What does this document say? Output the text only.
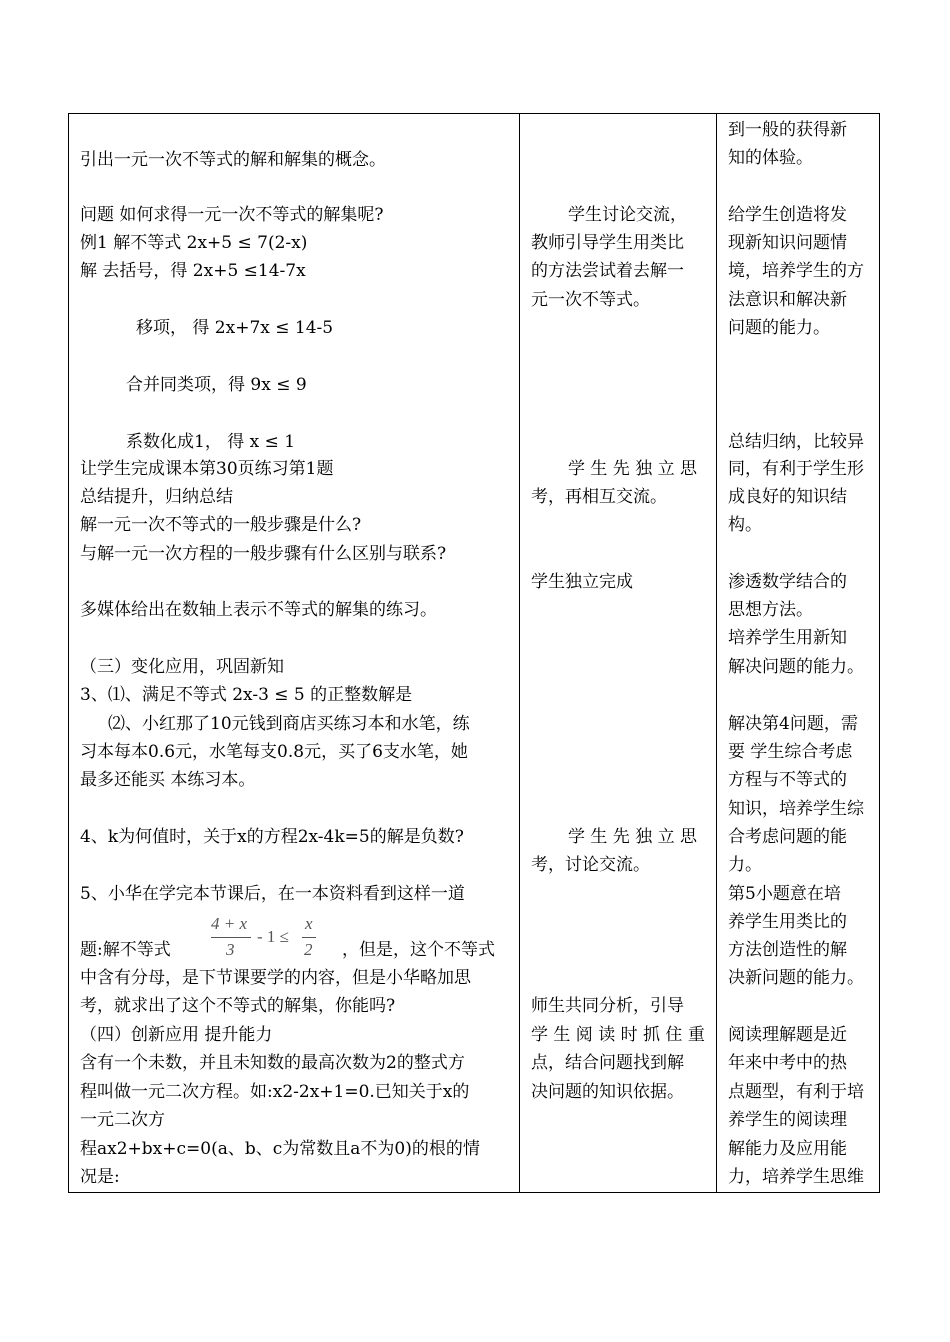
引出一元一次不等式的解和解集的概念。
问题 如何求得一元一次不等式的解集呢?
例1 解不等式 2x+5 ≤ 7(2-x)
解 去括号，得 2x+5 ≤14-7x
移项， 得 2x+7x ≤ 14-5
合并同类项，得 9x ≤ 9
系数化成1， 得 x ≤ 1
让学生完成课本第30页练习第1题
总结提升，归纳总结
解一元一次不等式的一般步骤是什么?
与解一元一次方程的一般步骤有什么区别与联系?
多媒体给出在数轴上表示不等式的解集的练习。
（三）变化应用，巩固新知
3、⑴、满足不等式 2x-3 ≤ 5 的正整数解是
⑵、小红那了10元钱到商店买练习本和水笔，练
习本每本0.6元，水笔每支0.8元，买了6支水笔，她
最多还能买 本练习本。
4、k为何值时，关于x的方程2x-4k=5的解是负数?
5、小华在学完本节课后，在一本资料看到这样一道
题:解不等式
4 + x
3
- 1 ≤
x
2 ，但是，这个不等式
中含有分母，是下节课要学的内容，但是小华略加思
考，就求出了这个不等式的解集，你能吗?
（四）创新应用 提升能力
含有一个未数，并且未知数的最高次数为2的整式方
程叫做一元二次方程。如:x2-2x+1=0.已知关于x的
一元二次方
程ax2+bx+c=0(a、b、c为常数且a不为0)的根的情
况是:
学生讨论交流，
教师引导学生用类比
的方法尝试着去解一
元一次不等式。
学 生 先 独 立 思
考，再相互交流。
学生独立完成
学 生 先 独 立 思
考，讨论交流。
师生共同分析，引导
学 生 阅 读 时 抓 住 重
点，结合问题找到解
决问题的知识依据。
到一般的获得新
知的体验。
给学生创造将发
现新知识问题情
境，培养学生的方
法意识和解决新
问题的能力。
总结归纳，比较异
同，有利于学生形
成良好的知识结
构。
渗透数学结合的
思想方法。
培养学生用新知
解决问题的能力。
解决第4问题，需
要 学生综合考虑
方程与不等式的
知识，培养学生综
合考虑问题的能
力。
第5小题意在培
养学生用类比的
方法创造性的解
决新问题的能力。
阅读理解题是近
年来中考中的热
点题型，有利于培
养学生的阅读理
解能力及应用能
力，培养学生思维
